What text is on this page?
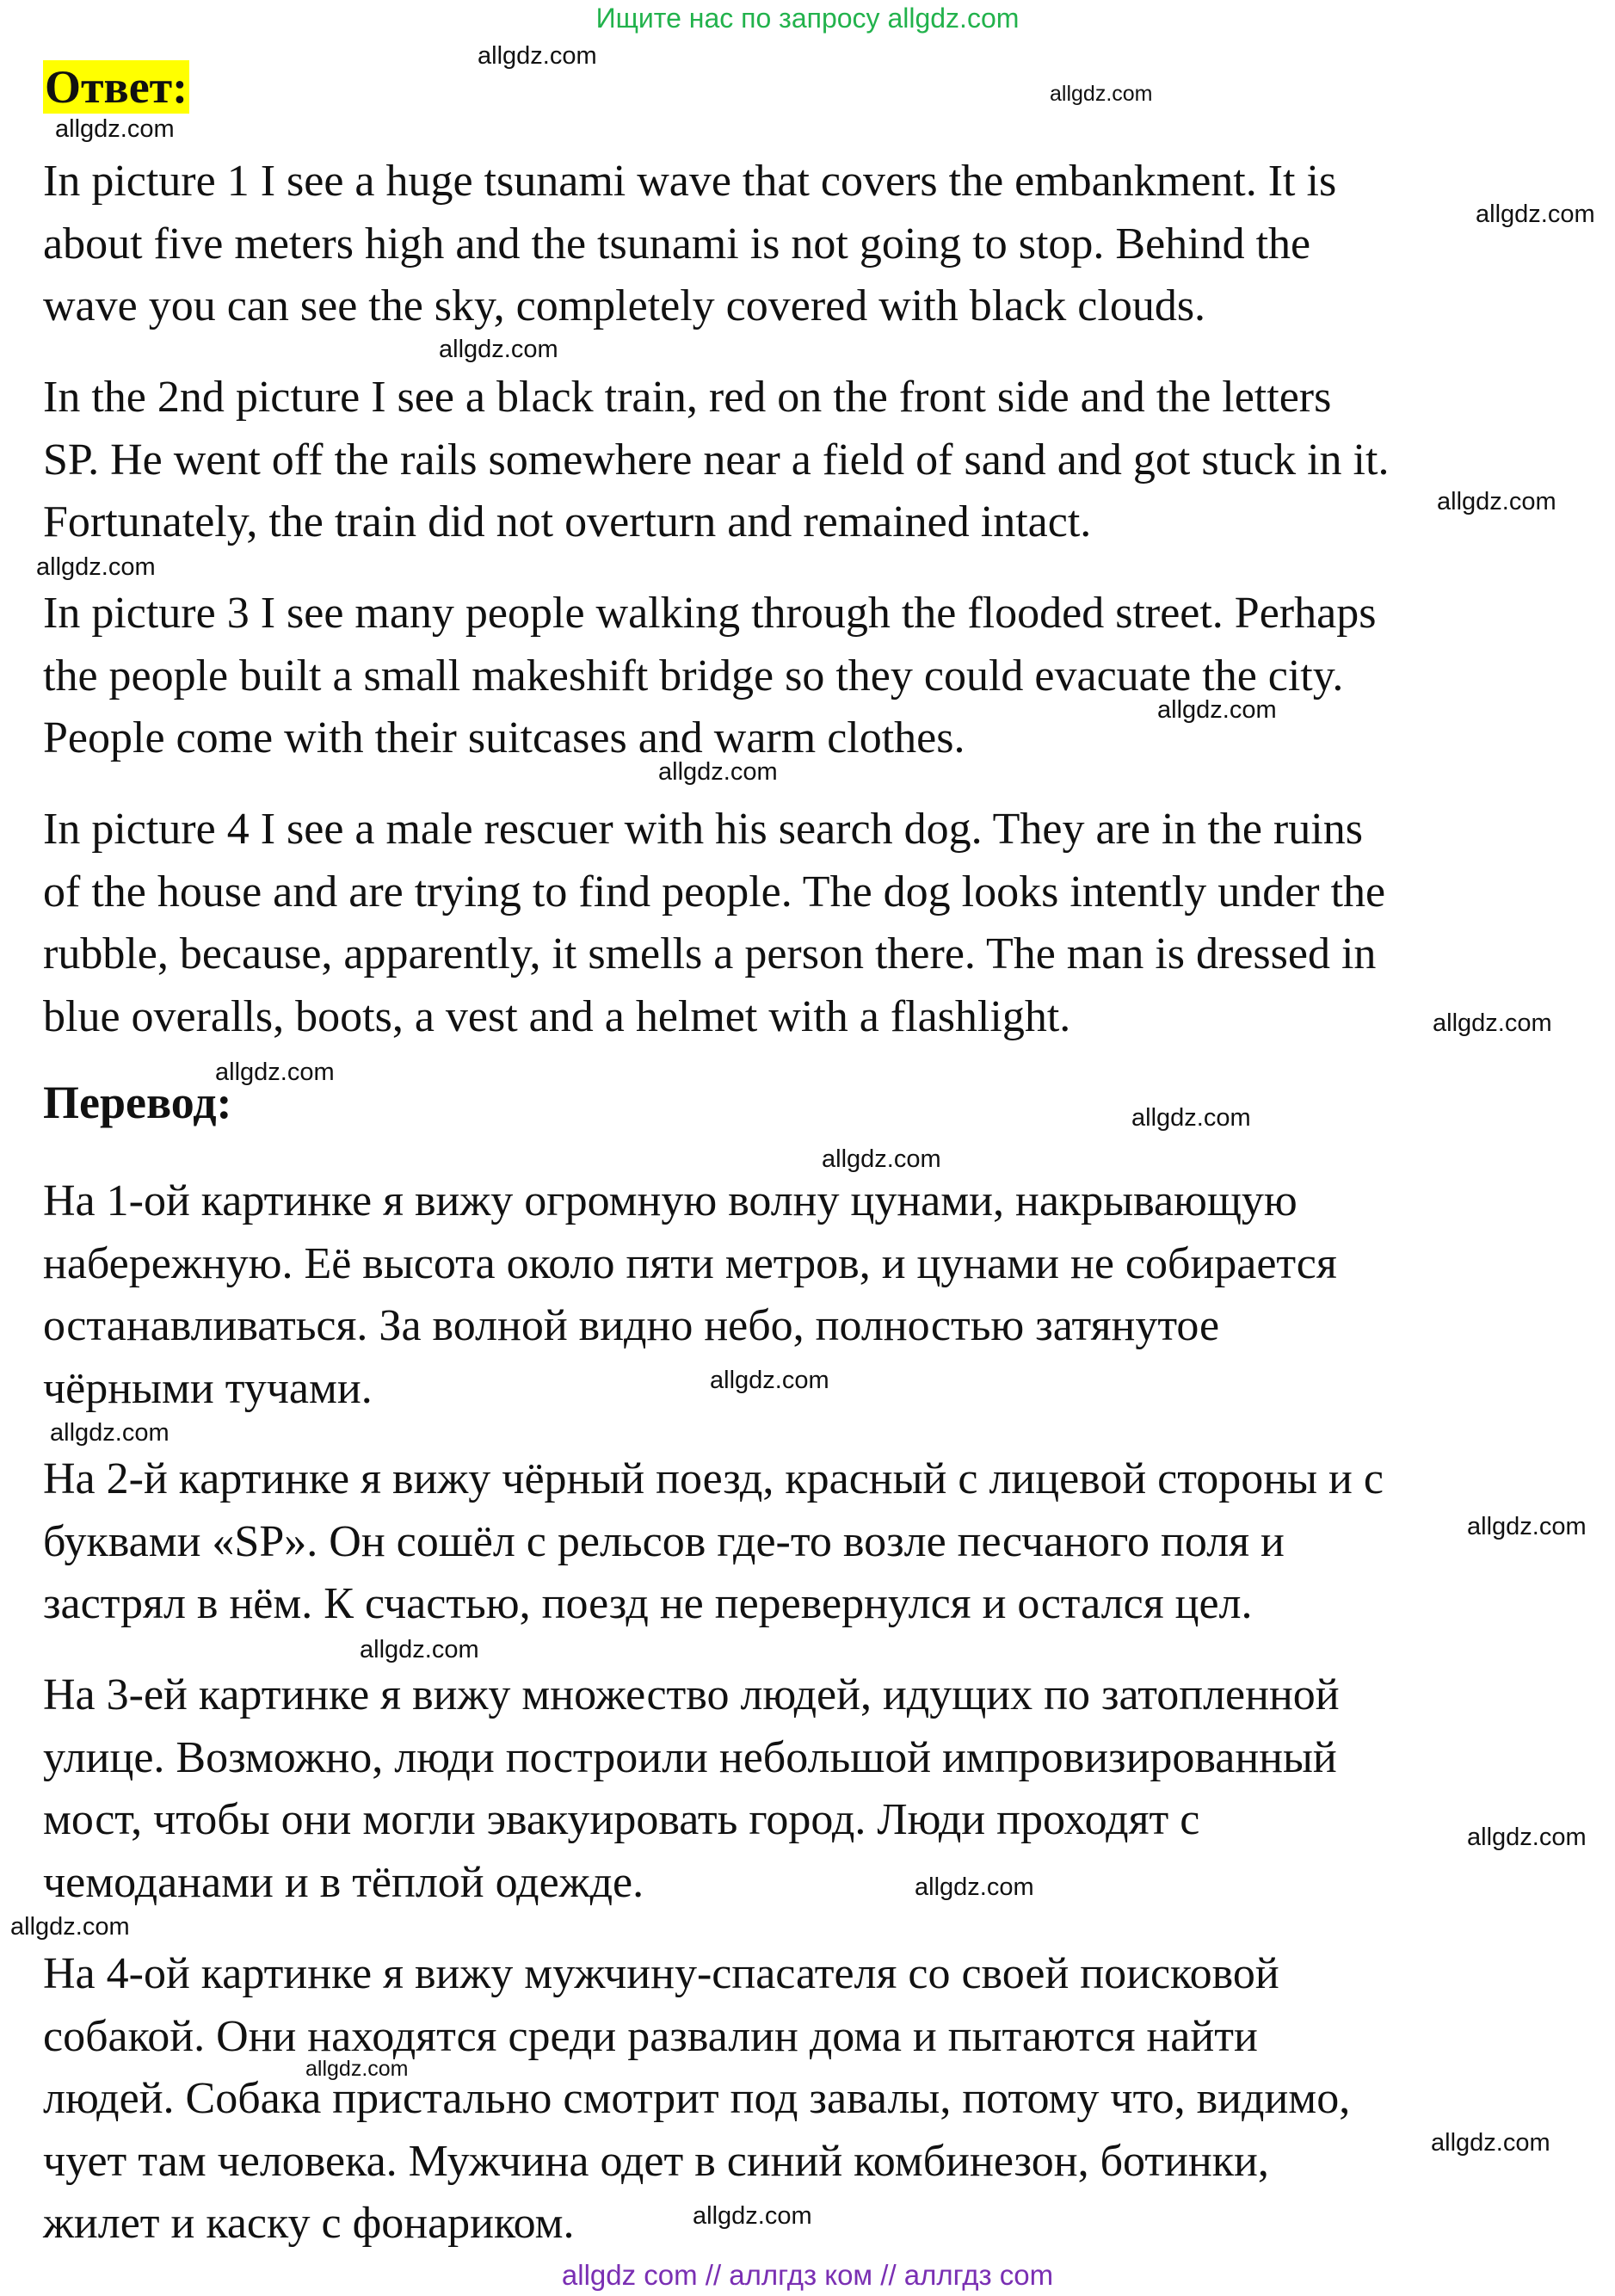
Ищите нас по запросу allgdz.com
Ответ:

In picture 1 I see a huge tsunami wave that covers the embankment. It is
about five meters high and the tsunami is not going to stop. Behind the
wave you can see the sky, completely covered with black clouds.

In the 2nd picture I see a black train, red on the front side and the letters
SP. He went off the rails somewhere near a field of sand and got stuck in it.
Fortunately, the train did not overturn and remained intact.

In picture 3 I see many people walking through the flooded street. Perhaps
the people built a small makeshift bridge so they could evacuate the city.
People come with their suitcases and warm clothes.

In picture 4 I see a male rescuer with his search dog. They are in the ruins
of the house and are trying to find people. The dog looks intently under the
rubble, because, apparently, it smells a person there. The man is dressed in
blue overalls, boots, a vest and a helmet with a flashlight.

Перевод:

На 1-ой картинке я вижу огромную волну цунами, накрывающую
набережную. Её высота около пяти метров, и цунами не собирается
останавливаться. За волной видно небо, полностью затянутое
чёрными тучами.

На 2-й картинке я вижу чёрный поезд, красный с лицевой стороны и с
буквами «SP». Он сошёл с рельсов где-то возле песчаного поля и
застрял в нём. К счастью, поезд не перевернулся и остался цел.

На 3-ей картинке я вижу множество людей, идущих по затопленной
улице. Возможно, люди построили небольшой импровизированный
мост, чтобы они могли эвакуировать город. Люди проходят с
чемоданами и в тёплой одежде.

На 4-ой картинке я вижу мужчину-спасателя со своей поисковой
собакой. Они находятся среди развалин дома и пытаются найти
людей. Собака пристально смотрит под завалы, потому что, видимо,
чует там человека. Мужчина одет в синий комбинезон, ботинки,
жилет и каску с фонариком.

allgdz.com
allgdz.com
allgdz.com
allgdz.com
allgdz.com
allgdz.com
allgdz.com
allgdz.com
allgdz.com
allgdz.com
allgdz.com
allgdz.com
allgdz.com
allgdz.com
allgdz.com
allgdz.com
allgdz.com
allgdz.com
allgdz.com
allgdz.com
allgdz.com
allgdz.com
allgdz.com
allgdz com // аллгдз ком // аллгдз com
